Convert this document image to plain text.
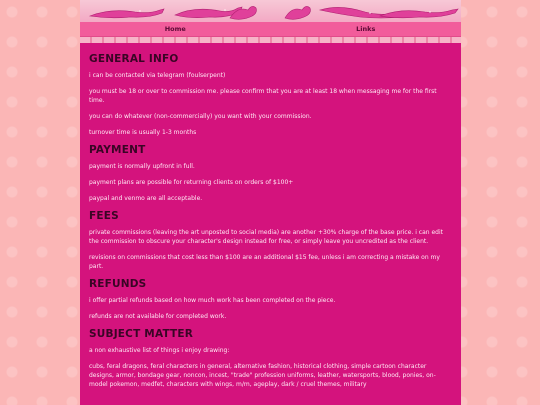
Home	Links
GENERAL INFO

i can be contacted via telegram (foulserpent)

you must be 18 or over to commission me. please confirm that you are at least 18 when messaging me for the first time.

you can do whatever (non-commercially) you want with your commission.

turnover time is usually 1-3 months

PAYMENT

payment is normally upfront in full.

payment plans are possible for returning clients on orders of $100+

paypal and venmo are all acceptable.

FEES

private commissions (leaving the art unposted to social media) are another +30% charge of the base price. i can edit the commission to obscure your character's design instead for free, or simply leave you uncredited as the client.

revisions on commissions that cost less than $100 are an additional $15 fee, unless i am correcting a mistake on my part.

REFUNDS

i offer partial refunds based on how much work has been completed on the piece.

refunds are not available for completed work.

SUBJECT MATTER

a non exhaustive list of things i enjoy drawing:

cubs, feral dragons, feral characters in general, alternative fashion, historical clothing, simple cartoon character designs, armor, bondage gear, noncon, incest, "trade" profession uniforms, leather, watersports, blood, ponies, on-model pokemon, medfet, characters with wings, m/m, ageplay, dark / cruel themes, military
